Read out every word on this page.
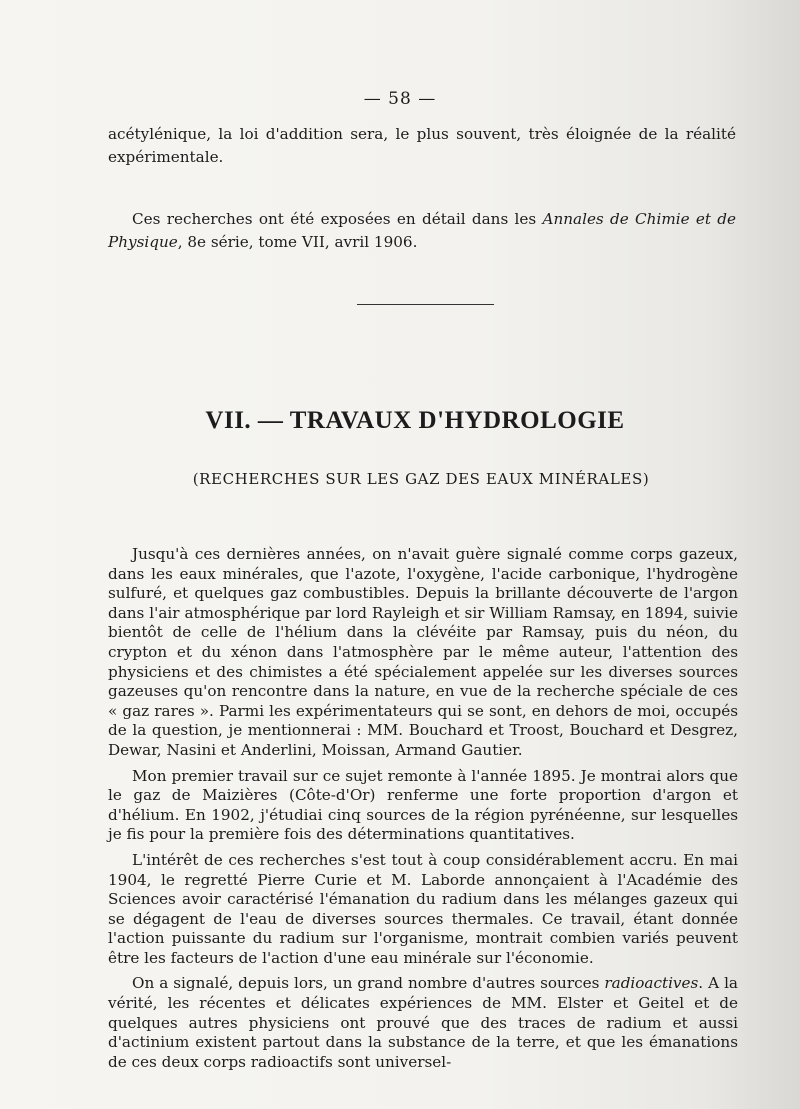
— 58 —
acétylénique, la loi d'addition sera, le plus souvent, très éloignée de la réalité expérimentale.
Ces recherches ont été exposées en détail dans les Annales de Chimie et de Physique, 8e série, tome VII, avril 1906.
VII. — TRAVAUX D'HYDROLOGIE
(RECHERCHES SUR LES GAZ DES EAUX MINÉRALES)

Jusqu'à ces dernières années, on n'avait guère signalé comme corps gazeux, dans les eaux minérales, que l'azote, l'oxygène, l'acide carbonique, l'hydrogène sulfuré, et quelques gaz combustibles. Depuis la brillante découverte de l'argon dans l'air atmosphérique par lord Rayleigh et sir William Ramsay, en 1894, suivie bientôt de celle de l'hélium dans la clévéite par Ramsay, puis du néon, du crypton et du xénon dans l'atmosphère par le même auteur, l'attention des physiciens et des chimistes a été spécialement appelée sur les diverses sources gazeuses qu'on rencontre dans la nature, en vue de la recherche spéciale de ces « gaz rares ». Parmi les expérimentateurs qui se sont, en dehors de moi, occupés de la question, je mentionnerai : MM. Bouchard et Troost, Bouchard et Desgrez, Dewar, Nasini et Anderlini, Moissan, Armand Gautier.

Mon premier travail sur ce sujet remonte à l'année 1895. Je montrai alors que le gaz de Maizières (Côte-d'Or) renferme une forte proportion d'argon et d'hélium. En 1902, j'étudiai cinq sources de la région pyrénéenne, sur lesquelles je fis pour la première fois des déterminations quantitatives.

L'intérêt de ces recherches s'est tout à coup considérablement accru. En mai 1904, le regretté Pierre Curie et M. Laborde annonçaient à l'Académie des Sciences avoir caractérisé l'émanation du radium dans les mélanges gazeux qui se dégagent de l'eau de diverses sources thermales. Ce travail, étant donnée l'action puissante du radium sur l'organisme, montrait combien variés peuvent être les facteurs de l'action d'une eau minérale sur l'économie.

On a signalé, depuis lors, un grand nombre d'autres sources radioactives. A la vérité, les récentes et délicates expériences de MM. Elster et Geitel et de quelques autres physiciens ont prouvé que des traces de radium et aussi d'actinium existent partout dans la substance de la terre, et que les émanations de ces deux corps radioactifs sont universel-
